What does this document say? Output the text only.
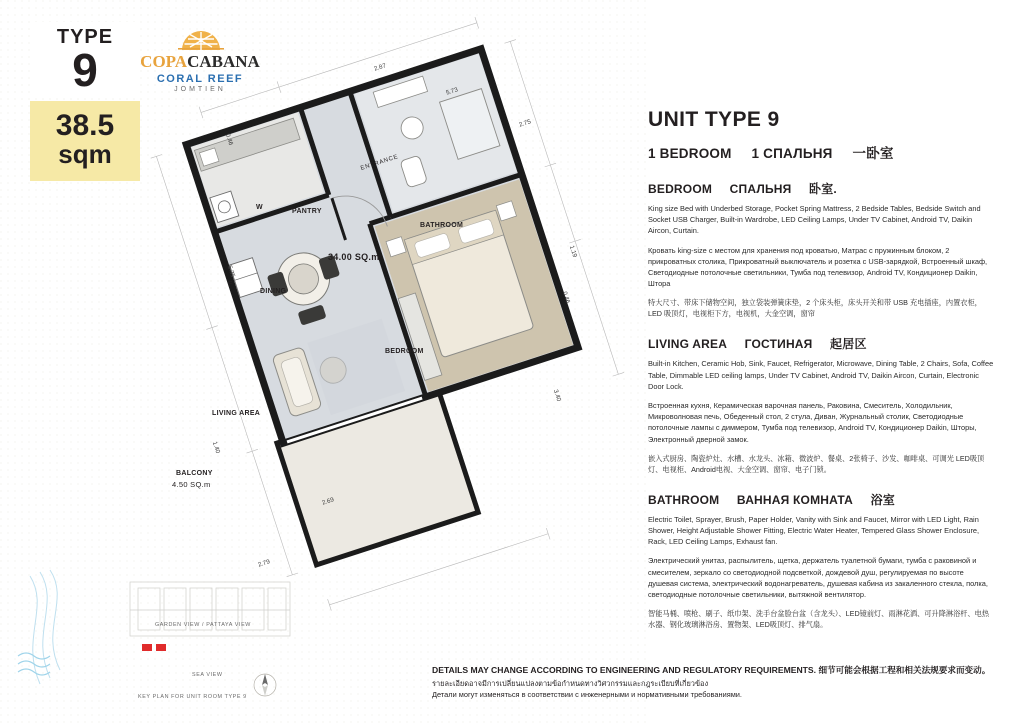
TYPE
9
38.5
sqm
COPACABANA
CORAL REEF
JOMTIEN
PANTRY
BATHROOM
DINING
BEDROOM
LIVING AREA
BALCONY
4.50 SQ.m
34.00 SQ.m
ENTRANCE
W
F
2.87
5.73
2.75
0.46
1.19
0.46
5.35
3.40
1.40
2.69
2.79
GARDEN VIEW / PATTAYA VIEW
SEA VIEW
KEY PLAN FOR UNIT ROOM TYPE 9
UNIT TYPE 9
1 BEDROOM 1 СПАЛЬНЯ 一卧室
BEDROOM СПАЛЬНЯ 卧室.

King size Bed with Underbed Storage, Pocket Spring Mattress, 2 Bedside Tables, Bedside Switch and Socket USB Charger, Built-in Wardrobe, LED Ceiling Lamps, Under TV Cabinet, Android TV, Daikin Aircon, Curtain.

Кровать king-size с местом для хранения под кроватью, Матрас с пружинным блоком, 2 прикроватных столика, Прикроватный выключатель и розетка с USB-зарядкой, Встроенный шкаф, Светодиодные потолочные светильники, Тумба под телевизор, Android TV, Кондиционер Daikin, Штора

特大尺寸、带床下储物空间，独立袋装弹簧床垫，2 个床头柜，床头开关和带 USB 充电插座，内置衣柜，LED 吸顶灯，电视柜下方，电视机，大金空调，窗帘

LIVING AREA ГОСТИНАЯ 起居区

Built-in Kitchen, Ceramic Hob, Sink, Faucet, Refrigerator, Microwave, Dining Table, 2 Chairs, Sofa, Coffee Table, Dimmable LED ceiling lamps, Under TV Cabinet, Android TV, Daikin Aircon, Curtain, Electronic Door Lock.

Встроенная кухня, Керамическая варочная панель, Раковина, Смеситель, Холодильник, Микроволновая печь, Обеденный стол, 2 стула, Диван, Журнальный столик, Светодиодные потолочные лампы с диммером, Тумба под телевизор, Android TV, Кондиционер Daikin, Шторы, Электронный дверной замок.

嵌入式厨房、陶瓷炉灶、水槽、水龙头、冰箱、微波炉、餐桌、2张椅子、沙发、咖啡桌、可调光 LED吸顶灯、电视柜、Android电视、大金空调、窗帘、电子门锁。

BATHROOM ВАННАЯ КОМНАТА 浴室

Electric Toilet, Sprayer, Brush, Paper Holder, Vanity with Sink and Faucet, Mirror with LED Light, Rain Shower, Height Adjustable Shower Fitting, Electric Water Heater, Tempered Glass Shower Enclosure, Rack, LED Ceiling Lamps, Exhaust fan.

Электрический унитаз, распылитель, щетка, держатель туалетной бумаги, тумба с раковиной и смесителем, зеркало со светодиодной подсветкой, дождевой душ, регулируемая по высоте душевая система, электрический водонагреватель, душевая кабина из закаленного стекла, полка, светодиодные потолочные светильники, вытяжной вентилятор.

智能马桶、喷枪、刷子、纸巾架、洗手台盆脸台盆（含龙头）、LED镜前灯、雨淋花洒、可升降淋浴杆、电热水器、钢化玻璃淋浴房、置物架、LED吸顶灯、排气扇。

DETAILS MAY CHANGE ACCORDING TO ENGINEERING AND REGULATORY REQUIREMENTS. 细节可能会根据工程和相关法规要求而变动。
รายละเอียดอาจมีการเปลี่ยนแปลงตามข้อกำหนดทางวิศวกรรมและกฎระเบียบที่เกี่ยวข้อง
Детали могут изменяться в соответствии с инженерными и нормативными требованиями.
